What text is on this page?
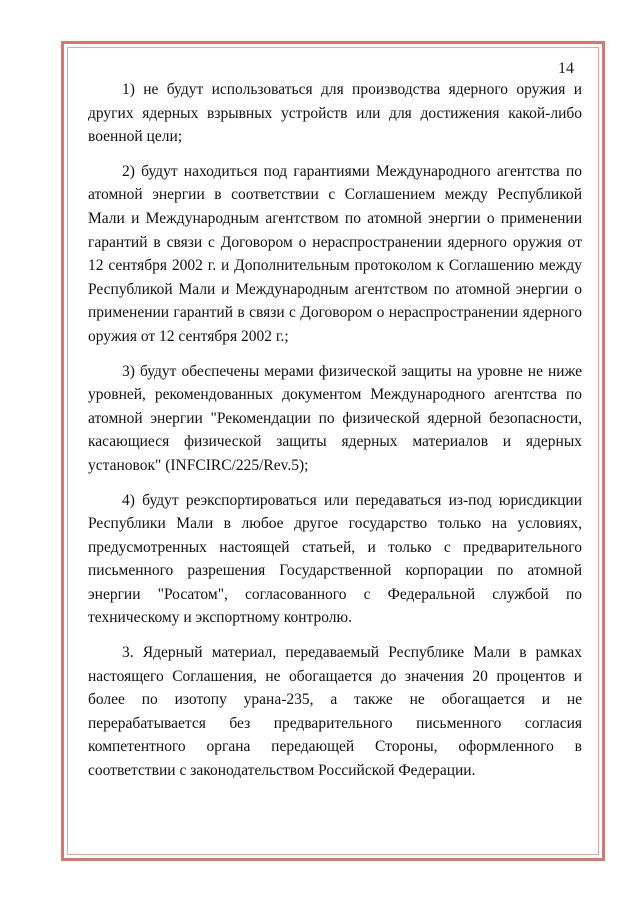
14

1) не будут использоваться для производства ядерного оружия и других ядерных взрывных устройств или для достижения какой-либо военной цели;

2) будут находиться под гарантиями Международного агентства по атомной энергии в соответствии с Соглашением между Республикой Мали и Международным агентством по атомной энергии о применении гарантий в связи с Договором о нераспространении ядерного оружия от 12 сентября 2002 г. и Дополнительным протоколом к Соглашению между Республикой Мали и Международным агентством по атомной энергии о применении гарантий в связи с Договором о нераспространении ядерного оружия от 12 сентября 2002 г.;

3) будут обеспечены мерами физической защиты на уровне не ниже уровней, рекомендованных документом Международного агентства по атомной энергии "Рекомендации по физической ядерной безопасности, касающиеся физической защиты ядерных материалов и ядерных установок" (INFCIRC/225/Rev.5);

4) будут реэкспортироваться или передаваться из-под юрисдикции Республики Мали в любое другое государство только на условиях, предусмотренных настоящей статьей, и только с предварительного письменного разрешения Государственной корпорации по атомной энергии "Росатом", согласованного с Федеральной службой по техническому и экспортному контролю.

3. Ядерный материал, передаваемый Республике Мали в рамках настоящего Соглашения, не обогащается до значения 20 процентов и более по изотопу урана-235, а также не обогащается и не перерабатывается без предварительного письменного согласия компетентного органа передающей Стороны, оформленного в соответствии с законодательством Российской Федерации.
